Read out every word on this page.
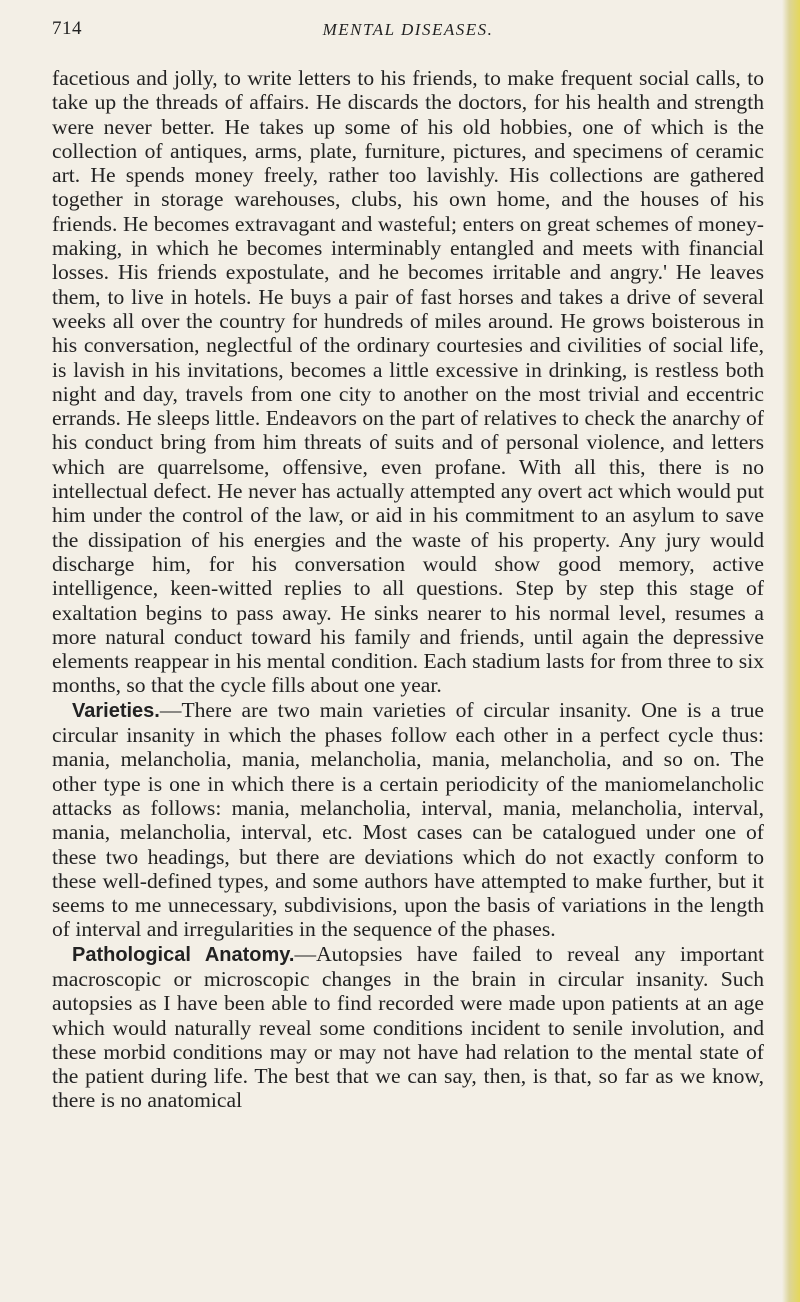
714	MENTAL DISEASES.

facetious and jolly, to write letters to his friends, to make frequent social calls, to take up the threads of affairs. He discards the doctors, for his health and strength were never better. He takes up some of his old hobbies, one of which is the collection of antiques, arms, plate, furniture, pictures, and specimens of ceramic art. He spends money freely, rather too lavishly. His collections are gathered together in storage warehouses, clubs, his own home, and the houses of his friends. He becomes extravagant and wasteful; enters on great schemes of money-making, in which he becomes interminably entangled and meets with financial losses. His friends expostulate, and he becomes irritable and angry.' He leaves them, to live in hotels. He buys a pair of fast horses and takes a drive of several weeks all over the country for hundreds of miles around. He grows boisterous in his conversation, neglectful of the ordinary courtesies and civilities of social life, is lavish in his invitations, becomes a little excessive in drinking, is restless both night and day, travels from one city to another on the most trivial and eccentric errands. He sleeps little. Endeavors on the part of relatives to check the anarchy of his conduct bring from him threats of suits and of personal violence, and letters which are quarrelsome, offensive, even profane. With all this, there is no intellectual defect. He never has actually attempted any overt act which would put him under the control of the law, or aid in his commitment to an asylum to save the dissipation of his energies and the waste of his property. Any jury would discharge him, for his conversation would show good memory, active intelligence, keen-witted replies to all questions. Step by step this stage of exaltation begins to pass away. He sinks nearer to his normal level, resumes a more natural conduct toward his family and friends, until again the depressive elements reappear in his mental condition. Each stadium lasts for from three to six months, so that the cycle fills about one year.

Varieties.—There are two main varieties of circular insanity. One is a true circular insanity in which the phases follow each other in a perfect cycle thus: mania, melancholia, mania, melancholia, mania, melancholia, and so on. The other type is one in which there is a certain periodicity of the maniomelancholic attacks as follows: mania, melancholia, interval, mania, melancholia, interval, mania, melancholia, interval, etc. Most cases can be catalogued under one of these two headings, but there are deviations which do not exactly conform to these well-defined types, and some authors have attempted to make further, but it seems to me unnecessary, subdivisions, upon the basis of variations in the length of interval and irregularities in the sequence of the phases.

Pathological Anatomy.—Autopsies have failed to reveal any important macroscopic or microscopic changes in the brain in circular insanity. Such autopsies as I have been able to find recorded were made upon patients at an age which would naturally reveal some conditions incident to senile involution, and these morbid conditions may or may not have had relation to the mental state of the patient during life. The best that we can say, then, is that, so far as we know, there is no anatomical
